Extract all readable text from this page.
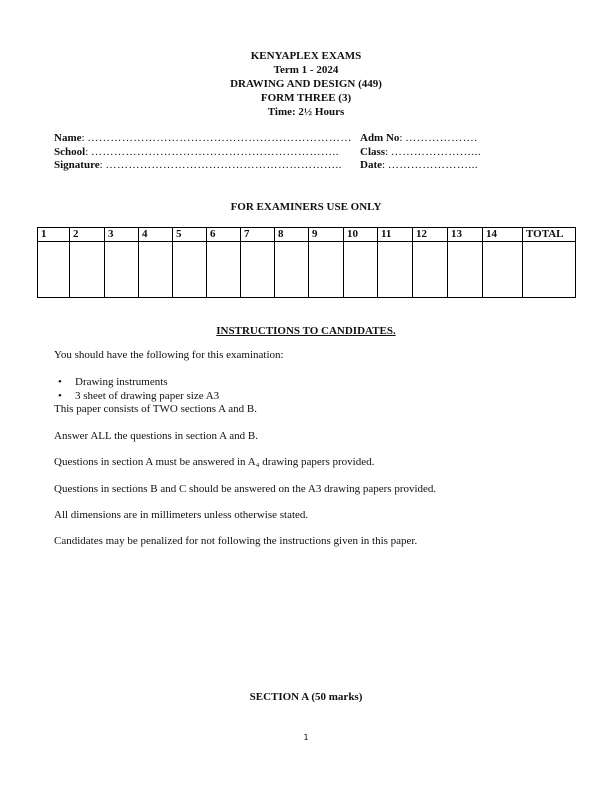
KENYAPLEX EXAMS
Term 1 - 2024
DRAWING AND DESIGN (449)
FORM THREE (3)
Time: 2½ Hours
Name: …………………………………………………………… Adm No: ……………….
School: ……………………………………………………….. Class: …………………...
Signature: …………………………………………………….. Date: …………………...
FOR EXAMINERS USE ONLY
1	2	3	4	5	6	7	8	9	10	11	12	13	14	TOTAL

INSTRUCTIONS TO CANDIDATES.
You should have the following for this examination:
• Drawing instruments
• 3 sheet of drawing paper size A3
This paper consists of TWO sections A and B.
Answer ALL the questions in section A and B.
Questions in section A must be answered in A₄ drawing papers provided.
Questions in sections B and C should be answered on the A3 drawing papers provided.
All dimensions are in millimeters unless otherwise stated.
Candidates may be penalized for not following the instructions given in this paper.
SECTION A (50 marks)
1
